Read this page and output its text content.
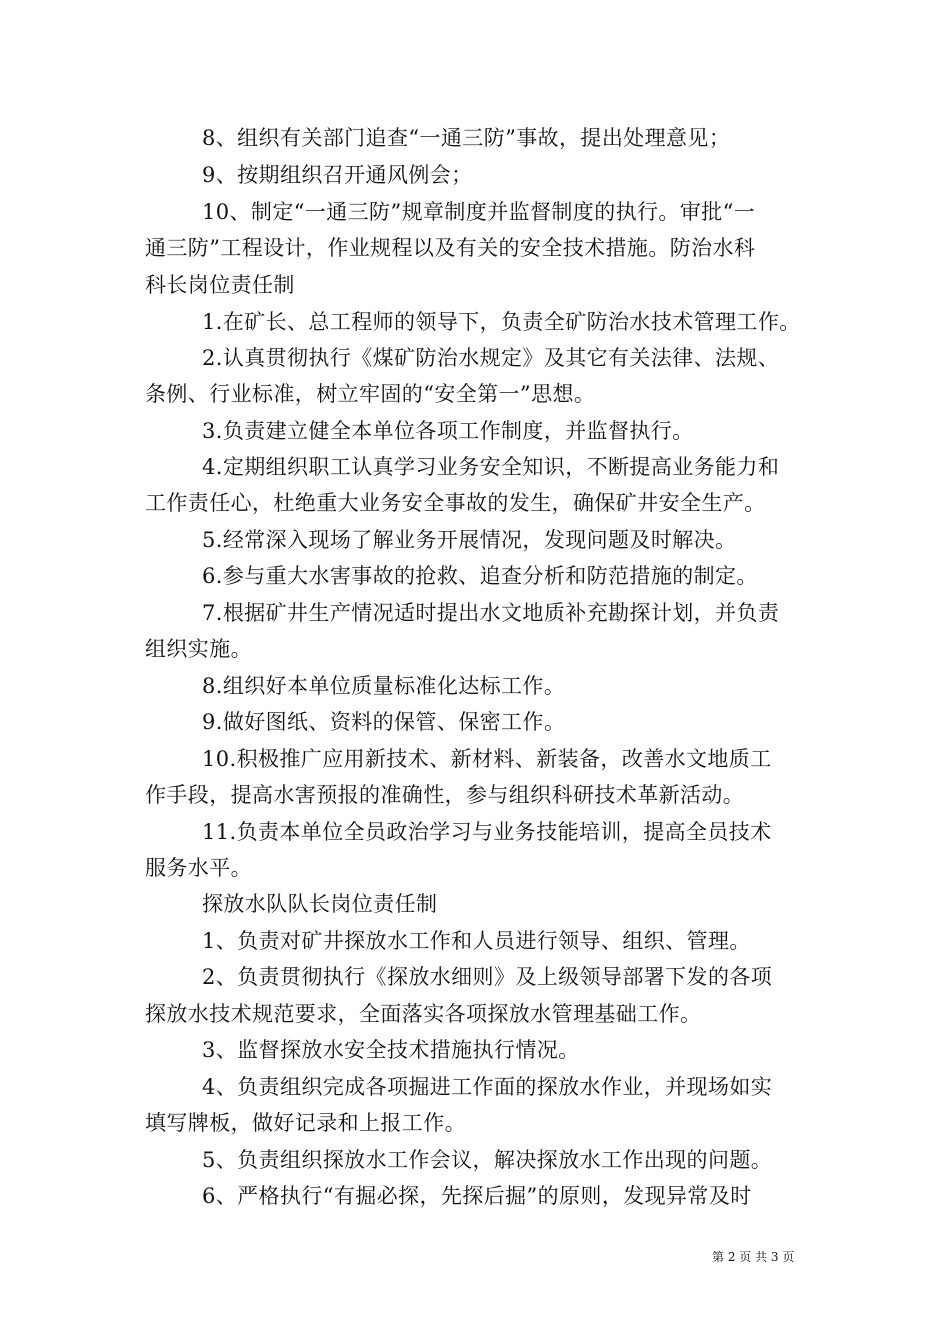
8、组织有关部门追查“一通三防”事故，提出处理意见；
9、按期组织召开通风例会；
10、制定“一通三防”规章制度并监督制度的执行。审批“一
通三防”工程设计，作业规程以及有关的安全技术措施。防治水科
科长岗位责任制
1.在矿长、总工程师的领导下，负责全矿防治水技术管理工作。
2.认真贯彻执行《煤矿防治水规定》及其它有关法律、法规、
条例、行业标准，树立牢固的“安全第一”思想。
3.负责建立健全本单位各项工作制度，并监督执行。
4.定期组织职工认真学习业务安全知识，不断提高业务能力和
工作责任心，杜绝重大业务安全事故的发生，确保矿井安全生产。
5.经常深入现场了解业务开展情况，发现问题及时解决。
6.参与重大水害事故的抢救、追查分析和防范措施的制定。
7.根据矿井生产情况适时提出水文地质补充勘探计划，并负责
组织实施。
8.组织好本单位质量标准化达标工作。
9.做好图纸、资料的保管、保密工作。
10.积极推广应用新技术、新材料、新装备，改善水文地质工
作手段，提高水害预报的准确性，参与组织科研技术革新活动。
11.负责本单位全员政治学习与业务技能培训，提高全员技术
服务水平。
探放水队队长岗位责任制
1、负责对矿井探放水工作和人员进行领导、组织、管理。
2、负责贯彻执行《探放水细则》及上级领导部署下发的各项
探放水技术规范要求，全面落实各项探放水管理基础工作。
3、监督探放水安全技术措施执行情况。
4、负责组织完成各项掘进工作面的探放水作业，并现场如实
填写牌板，做好记录和上报工作。
5、负责组织探放水工作会议，解决探放水工作出现的问题。
6、严格执行“有掘必探，先探后掘”的原则，发现异常及时
第 2 页 共 3 页
